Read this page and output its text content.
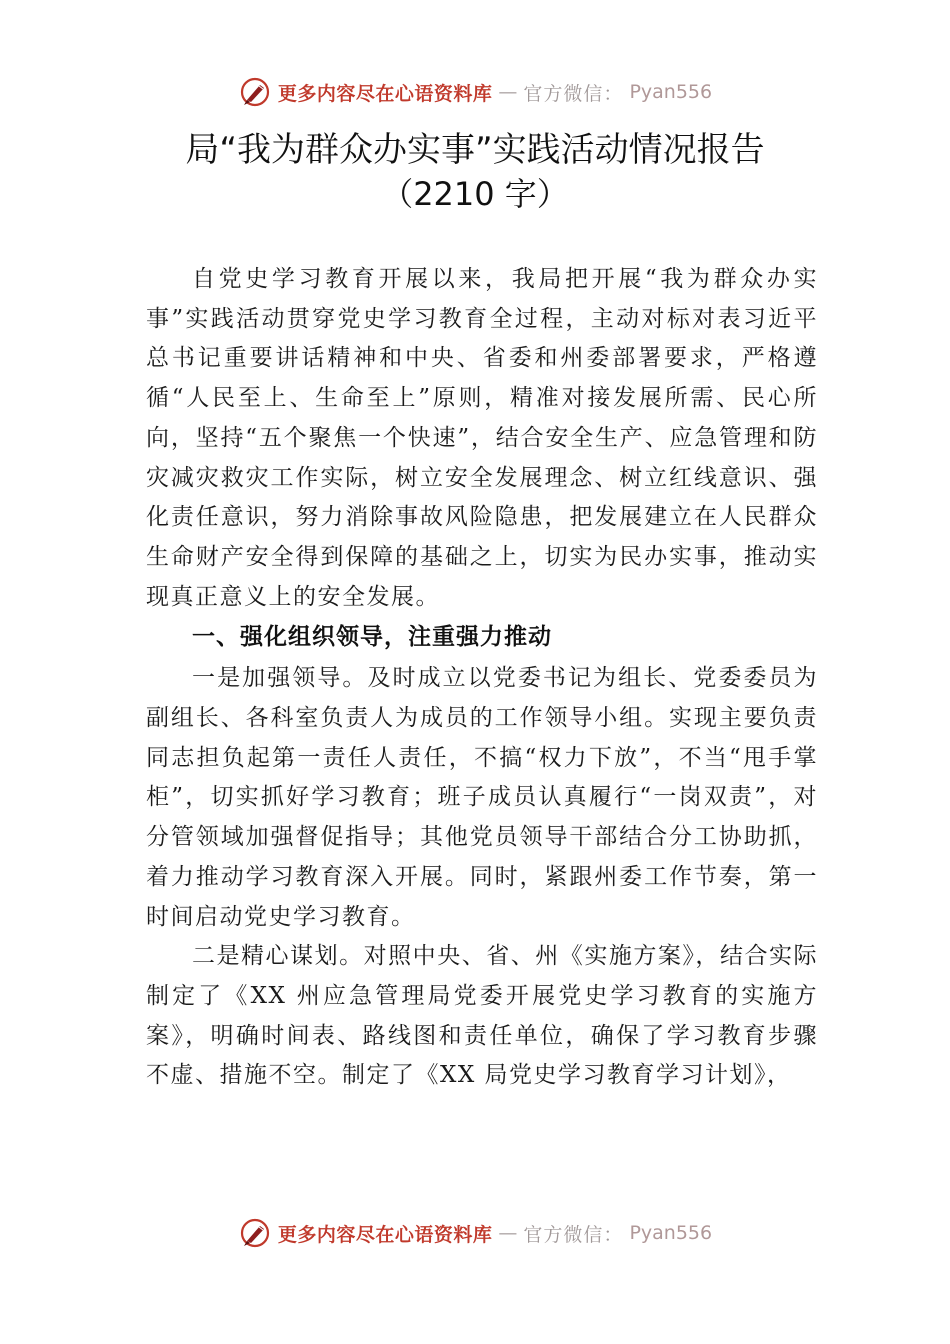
更多内容尽在心语资料库 — 官方微信： Pyan556
局“我为群众办实事”实践活动情况报告
（2210 字）

自党史学习教育开展以来，我局把开展“我为群众办实事”实践活动贯穿党史学习教育全过程，主动对标对表习近平总书记重要讲话精神和中央、省委和州委部署要求，严格遵循“人民至上、生命至上”原则，精准对接发展所需、民心所向，坚持“五个聚焦一个快速”，结合安全生产、应急管理和防灾减灾救灾工作实际，树立安全发展理念、树立红线意识、强化责任意识，努力消除事故风险隐患，把发展建立在人民群众生命财产安全得到保障的基础之上，切实为民办实事，推动实现真正意义上的安全发展。

一、强化组织领导，注重强力推动

一是加强领导。及时成立以党委书记为组长、党委委员为副组长、各科室负责人为成员的工作领导小组。实现主要负责同志担负起第一责任人责任，不搞“权力下放”，不当“甩手掌柜”，切实抓好学习教育；班子成员认真履行“一岗双责”，对分管领域加强督促指导；其他党员领导干部结合分工协助抓，着力推动学习教育深入开展。同时，紧跟州委工作节奏，第一时间启动党史学习教育。

二是精心谋划。对照中央、省、州《实施方案》，结合实际制定了《XX 州应急管理局党委开展党史学习教育的实施方案》，明确时间表、路线图和责任单位，确保了学习教育步骤不虚、措施不空。制定了《XX 局党史学习教育学习计划》，

更多内容尽在心语资料库 — 官方微信： Pyan556
